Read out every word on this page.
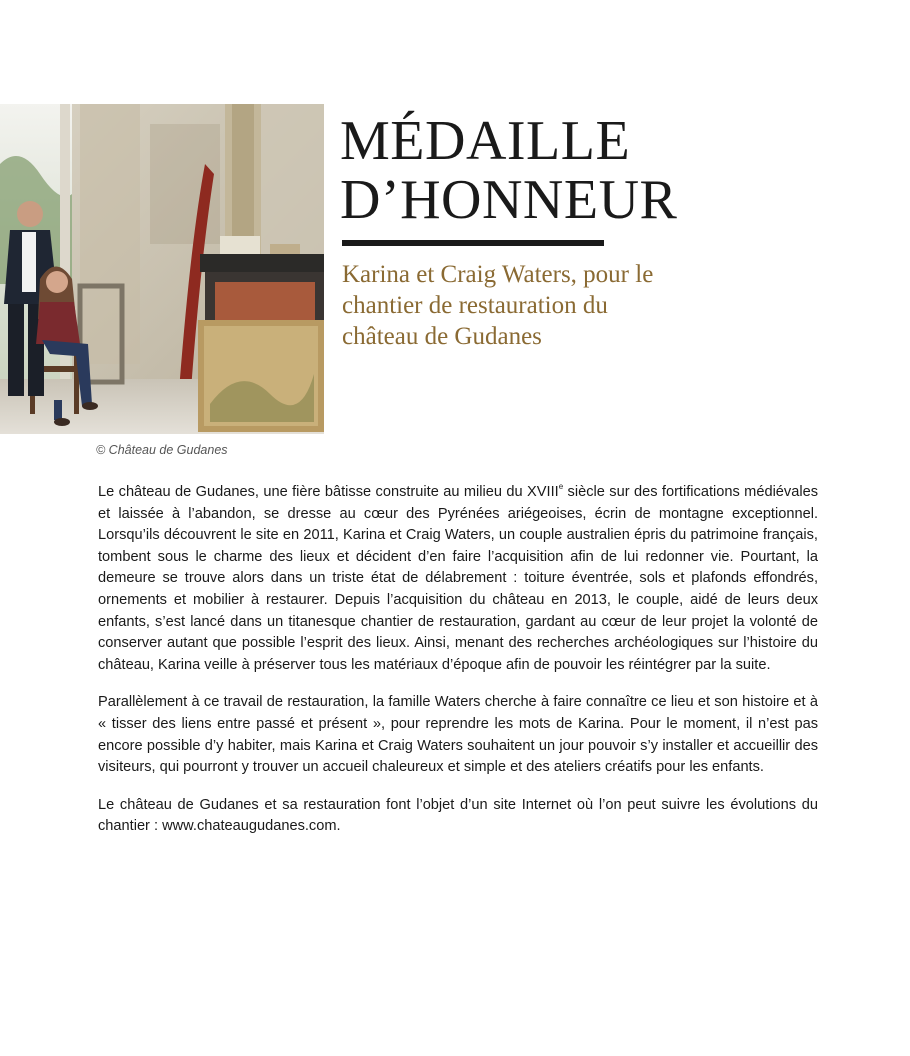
© Château de Gudanes
MÉDAILLE
D’HONNEUR
Karina et Craig Waters, pour le chantier de restauration du château de Gudanes

Le château de Gudanes, une fière bâtisse construite au milieu du XVIIIe siècle sur des fortifications médiévales et laissée à l’abandon, se dresse au cœur des Pyrénées ariégeoises, écrin de montagne exceptionnel. Lorsqu’ils découvrent le site en 2011, Karina et Craig Waters, un couple australien épris du patrimoine français, tombent sous le charme des lieux et décident d’en faire l’acquisition afin de lui redonner vie. Pourtant, la demeure se trouve alors dans un triste état de délabrement : toiture éventrée, sols et plafonds effondrés, ornements et mobilier à restaurer. Depuis l’acquisition du château en 2013, le couple, aidé de leurs deux enfants, s’est lancé dans un titanesque chantier de restauration, gardant au cœur de leur projet la volonté de conserver autant que possible l’esprit des lieux. Ainsi, menant des recherches archéologiques sur l’histoire du château, Karina veille à préserver tous les matériaux d’époque afin de pouvoir les réintégrer par la suite.

Parallèlement à ce travail de restauration, la famille Waters cherche à faire connaître ce lieu et son histoire et à « tisser des liens entre passé et présent », pour reprendre les mots de Karina. Pour le moment, il n’est pas encore possible d’y habiter, mais Karina et Craig Waters souhaitent un jour pouvoir s’y installer et accueillir des visiteurs, qui pourront y trouver un accueil chaleureux et simple et des ateliers créatifs pour les enfants.

Le château de Gudanes et sa restauration font l’objet d’un site Internet où l’on peut suivre les évolutions du chantier : www.chateaugudanes.com.
